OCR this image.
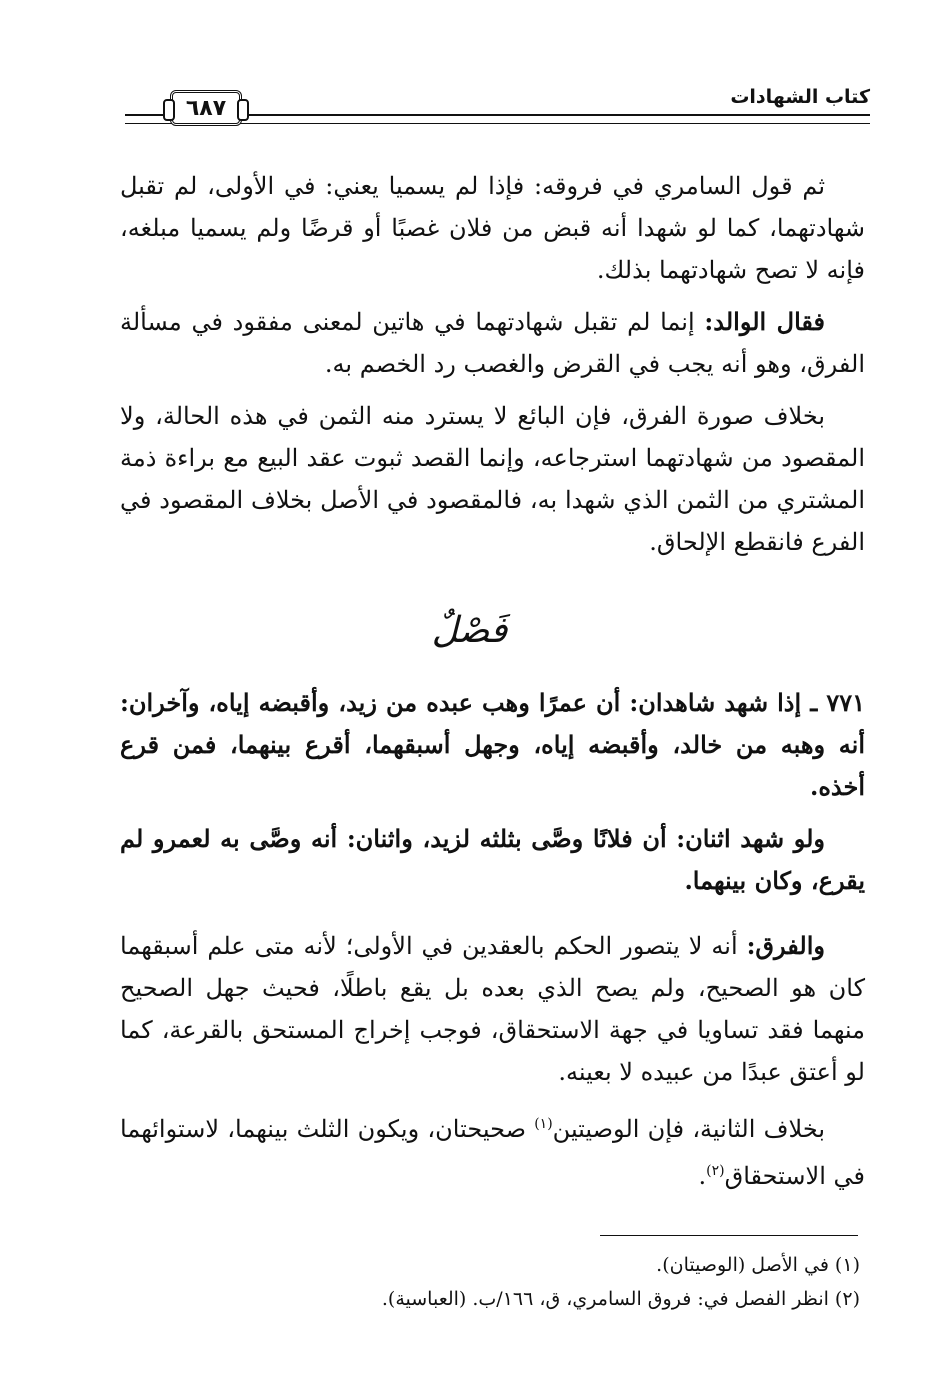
كتاب الشهادات
٦٨٧

ثم قول السامري في فروقه: فإذا لم يسميا يعني: في الأولى، لم تقبل شهادتهما، كما لو شهدا أنه قبض من فلان غصبًا أو قرضًا ولم يسميا مبلغه، فإنه لا تصح شهادتهما بذلك.

فقال الوالد: إنما لم تقبل شهادتهما في هاتين لمعنى مفقود في مسألة الفرق، وهو أنه يجب في القرض والغصب رد الخصم به.

بخلاف صورة الفرق، فإن البائع لا يسترد منه الثمن في هذه الحالة، ولا المقصود من شهادتهما استرجاعه، وإنما القصد ثبوت عقد البيع مع براءة ذمة المشتري من الثمن الذي شهدا به، فالمقصود في الأصل بخلاف المقصود في الفرع فانقطع الإلحاق.

فَصْلٌ

٧٧١ ـ إذا شهد شاهدان: أن عمرًا وهب عبده من زيد، وأقبضه إياه، وآخران: أنه وهبه من خالد، وأقبضه إياه، وجهل أسبقهما، أقرع بينهما، فمن قرع أخذه.

ولو شهد اثنان: أن فلانًا وصَّى بثلثه لزيد، واثنان: أنه وصَّى به لعمرو لم يقرع، وكان بينهما.

والفرق: أنه لا يتصور الحكم بالعقدين في الأولى؛ لأنه متى علم أسبقهما كان هو الصحيح، ولم يصح الذي بعده بل يقع باطلًا، فحيث جهل الصحيح منهما فقد تساويا في جهة الاستحقاق، فوجب إخراج المستحق بالقرعة، كما لو أعتق عبدًا من عبيده لا بعينه.

بخلاف الثانية، فإن الوصيتين$^{(١)}$ صحيحتان، ويكون الثلث بينهما، لاستوائهما في الاستحقاق$^{(٢)}$.

(١) في الأصل (الوصيتان).
(٢) انظر الفصل في: فروق السامري، ق، ١٦٦/ب. (العباسية).
